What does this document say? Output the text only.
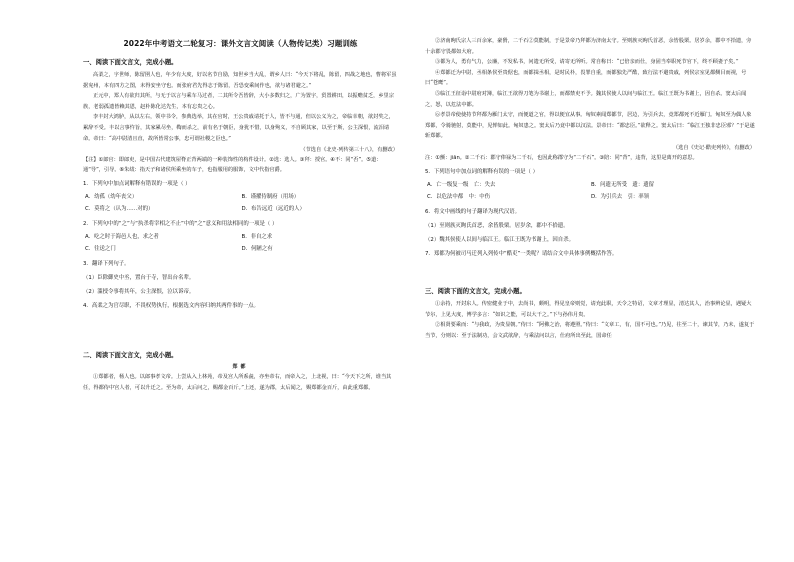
2022年中考语文二轮复习：课外文言文阅读（人物传记类）习题训练
一、阅读下面文言文，完成小题。

高柔之，字世师，陈留圉人也，年少有大度，好以名节自励，知世乡当大乱，谓乡人曰：“今天下将乱，陈留，四战之地也，曹将军虽据兖州，本有四方之图，未得安坐守也。而张府君先得志于陈留，吾恐变乘间作也，欲与诸君避之。”

正元中，郑人有欲归其所，与无于以言与乘车马过者，二其所令吾皆辞，大小多数归之，广为置宇，贸置耕田，以振赡贫乏，乡里宗族，老弱孤遗皆赖其恩，赵朴陈化达先生，本有忘贵之心。

李丰封大鸿胪，从以左右，领中书令，参典选举，其在官时，王公贵戚请托于人，皆不与通，但以公义为之，帝临幸朝，欲封奖之，累辞不受。丰以言事忤旨，其家累尽坐，鞫而杀之，前有名于朝臣，身犹不惜，以身殉义，不自顾其家，以至于斯，公主深恨，流泪请命。帝曰：“高中尉清且直，故所皆常公事，忠可谓社稷之臣也。”

（节选自《北史·列传第三十八》，有删改）
【注】①郎官：即郎吏，是中国古代建筑屋脊正背两端的一种装饰性的构件设计。②选：选人。③拜：授官。④不：同“否”。⑤道：通“导”，引导。⑥朱绂：指天子和诸侯所乘坐的车子，也指服用的服饰，文中代指官爵。
1．下列句中加点词解释有错误的一项是（ ）
A．幼孤（幼年丧父）	B．谨擢侍制府（用场）
C．莫将之（认为……对的）	D．布告远近（远近的人）
2．下列句中的“之”与“执杀将宰相之不止”中的“之”意义和用法相同的一项是（ ）
A．吃之时于海邑人也，求之者	B．非自之求
C．往送之门	D．何陋之有
3．翻译下列句子。
（1）臣除御史中丞，置台于寺，智出台名辈。
（2）滥授令事将其年，公主深恨，泣以诉帝。
4．高柔之为官尽职，不畏权势执行，根据选文内容归纳其两件事的一点。
二、阅读下面文言文，完成小题。
郑都

①郑都者，杨人也。以郎事孝文帝。上尝从入上林苑，帝及宫人所系彘，亦坐帝右，而帝入之，上北视，曰：“今天下之所，谁当其任，得都侍中宫人者，可以升迁之。至为帝，太后问之，赐都金百斤。”上还，遂为郡，太后闻之，赐郑都金百斤，由此重郑都。

②济南眴氏宗人三百余家，豪猾，二千石②莫能制，于是景帝乃拜都为济南太守。至则族灭眴氏首恶，余皆股栗。居岁余，郡中不拾遗，旁十余郡守畏都如大府。

③都为人，勇有气力，公廉，不发私书，问遗无所受，请寄无所听。常自称曰：“已倍亲而仕，身固当奉职死节官下，终不顾妻子矣。”

④郑都迁为中尉，丞相条侯至贵倨也，而都揖丞相，是时民朴，畏罪自重，而都独先严酷，致行法不避贵戚，列侯宗室见都侧目而视，号曰“苍鹰”。

⑤临江王征诣中尉府对簿，临江王欲得刀笔为书谢上，而都禁吏不予。魏其侯使人以间与临江王。临江王既为书谢上，因自杀。窦太后闻之，怒，以危法中都。

⑥孝景帝使使持节拜都为雁门太守，而便道之官，得以便宜从事。匈奴素闻郑都节，居边，为引兵去，竟郑都死不近雁门。匈奴至为偶人象郑都，令骑驰射，莫能中，见惮如此。匈奴患之。窦太后乃竟中都以汉法。景帝曰：“都忠臣。”欲释之。窦太后曰：“临江王独非忠臣邪？”于是遂斩郑都。

（选自《史记·酷吏列传》，有删改）
注：①颤：jiān。②二千石：郡守俸禄为二千石，也因此称郡守为“二千石”。③陪：同“背”，违背，这里是离开的意思。
5．下列语句中加点词的解释有误的一项是（ ）
A．亡一级复一级　亡：失去	B．问遗无所受　遗：遗留
C．以危法中都　中：中伤	D．为引兵去　引：率领
6．将文中画线的句子翻译为现代汉语。
（1）至则族灭眴氏首恶，余皆股栗。居岁余，郡中不拾遗。
（2）魏其侯使人以间与临江王。临江王既为书谢上，因自杀。
7．郑都为何被司马迁列入列传中“酷吏”一类呢？请结合文中具体事例概括作答。
三、阅读下面的文言文，完成小题。

①余持，开封东人。传密健业于中，去尚书，颇明，得见皇帝则觉，请充此职，天令之特诏，文章才理显，清达其人，治事辨论显，遇疑大节尔，上见大度，博学多言：“如识之能，可以大干之。”下与孙伟月贵。

②相贤要乘而：“与我政，为贵显朝。”侍曰：“阿佛之治，将遵照。”侍曰：“文章工，有，国不可也。”乃见，往至二十，谏其节，乃未，遂复于当节，分则以：至于法制功，会文武欲辞，与乘法问以言，仕府所出至此，国命任
